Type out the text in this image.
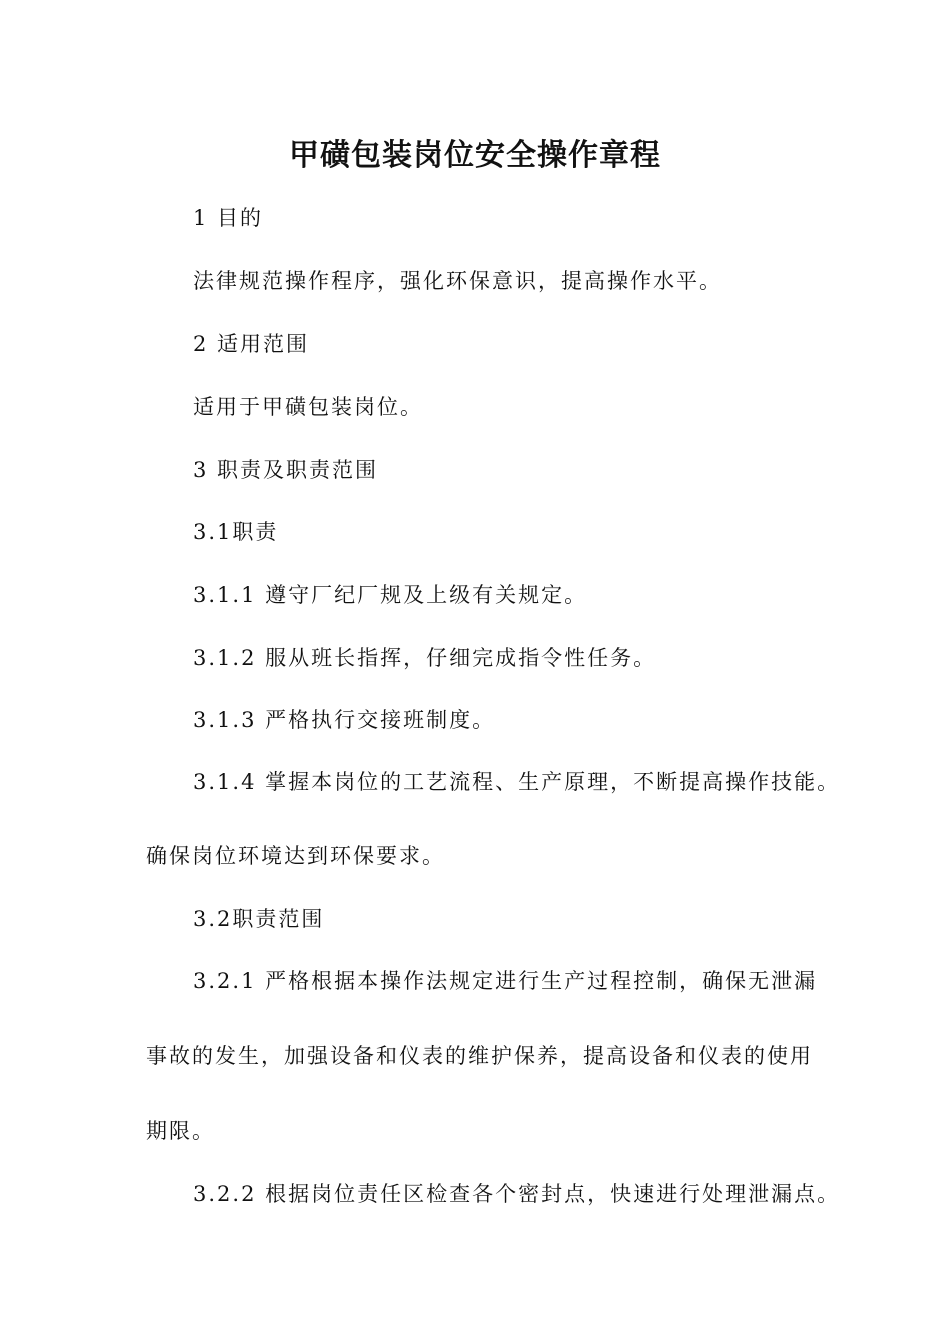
甲磺包装岗位安全操作章程
1 目的
法律规范操作程序，强化环保意识，提高操作水平。
2 适用范围
适用于甲磺包装岗位。
3 职责及职责范围
3.1职责
3.1.1 遵守厂纪厂规及上级有关规定。
3.1.2 服从班长指挥，仔细完成指令性任务。
3.1.3 严格执行交接班制度。
3.1.4 掌握本岗位的工艺流程、生产原理，不断提高操作技能。
确保岗位环境达到环保要求。
3.2职责范围
3.2.1 严格根据本操作法规定进行生产过程控制，确保无泄漏
事故的发生，加强设备和仪表的维护保养，提高设备和仪表的使用
期限。
3.2.2 根据岗位责任区检查各个密封点，快速进行处理泄漏点。
